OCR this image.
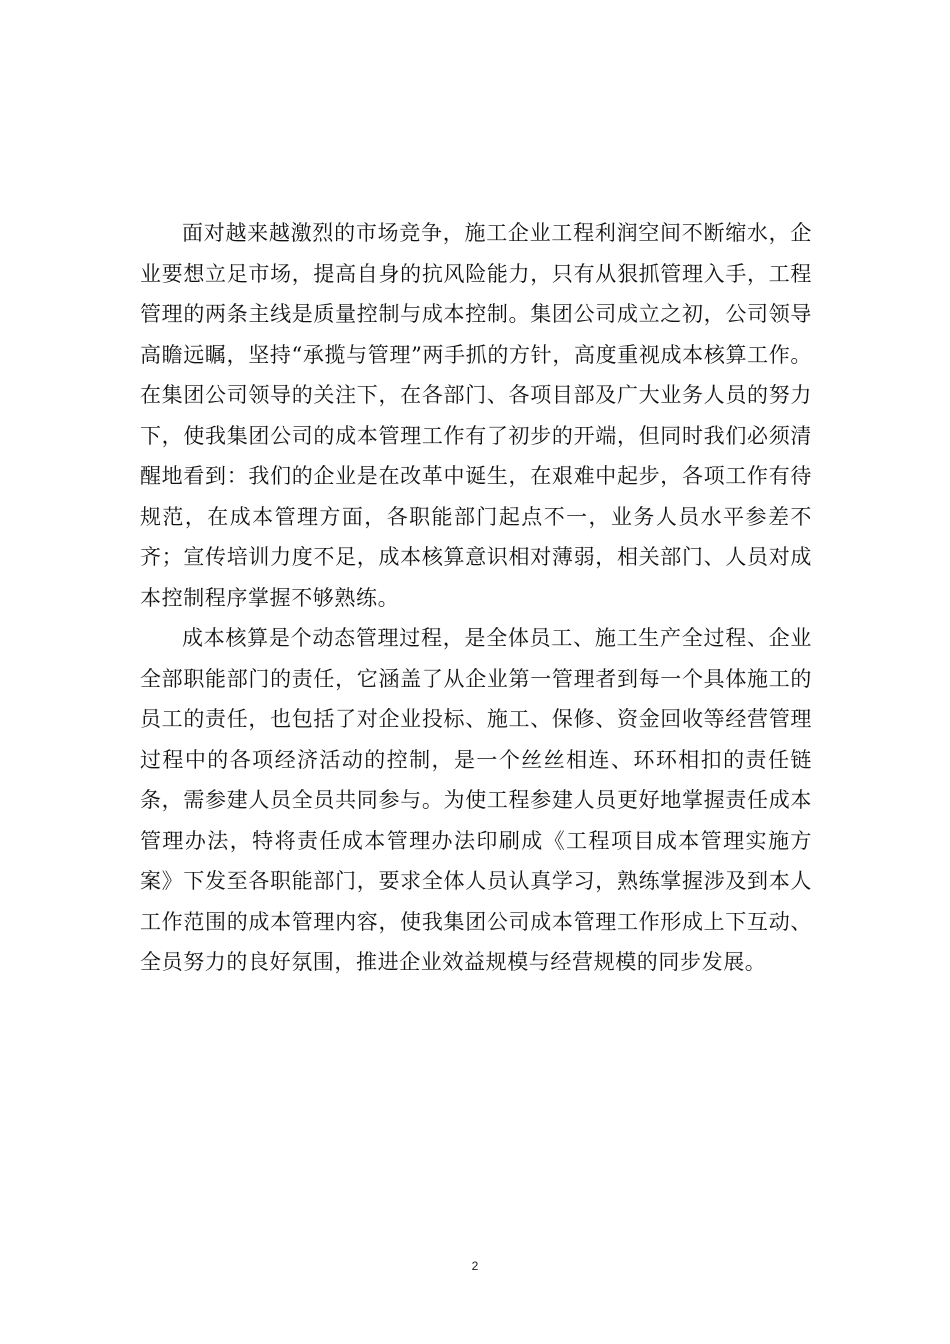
面对越来越激烈的市场竞争，施工企业工程利润空间不断缩水，企业要想立足市场，提高自身的抗风险能力，只有从狠抓管理入手，工程管理的两条主线是质量控制与成本控制。集团公司成立之初，公司领导高瞻远瞩，坚持“承揽与管理”两手抓的方针，高度重视成本核算工作。在集团公司领导的关注下，在各部门、各项目部及广大业务人员的努力下，使我集团公司的成本管理工作有了初步的开端，但同时我们必须清醒地看到：我们的企业是在改革中诞生，在艰难中起步，各项工作有待规范，在成本管理方面，各职能部门起点不一，业务人员水平参差不齐；宣传培训力度不足，成本核算意识相对薄弱，相关部门、人员对成本控制程序掌握不够熟练。

成本核算是个动态管理过程，是全体员工、施工生产全过程、企业全部职能部门的责任，它涵盖了从企业第一管理者到每一个具体施工的员工的责任，也包括了对企业投标、施工、保修、资金回收等经营管理过程中的各项经济活动的控制，是一个丝丝相连、环环相扣的责任链条，需参建人员全员共同参与。为使工程参建人员更好地掌握责任成本管理办法，特将责任成本管理办法印刷成《工程项目成本管理实施方案》下发至各职能部门，要求全体人员认真学习，熟练掌握涉及到本人工作范围的成本管理内容，使我集团公司成本管理工作形成上下互动、全员努力的良好氛围，推进企业效益规模与经营规模的同步发展。

2
